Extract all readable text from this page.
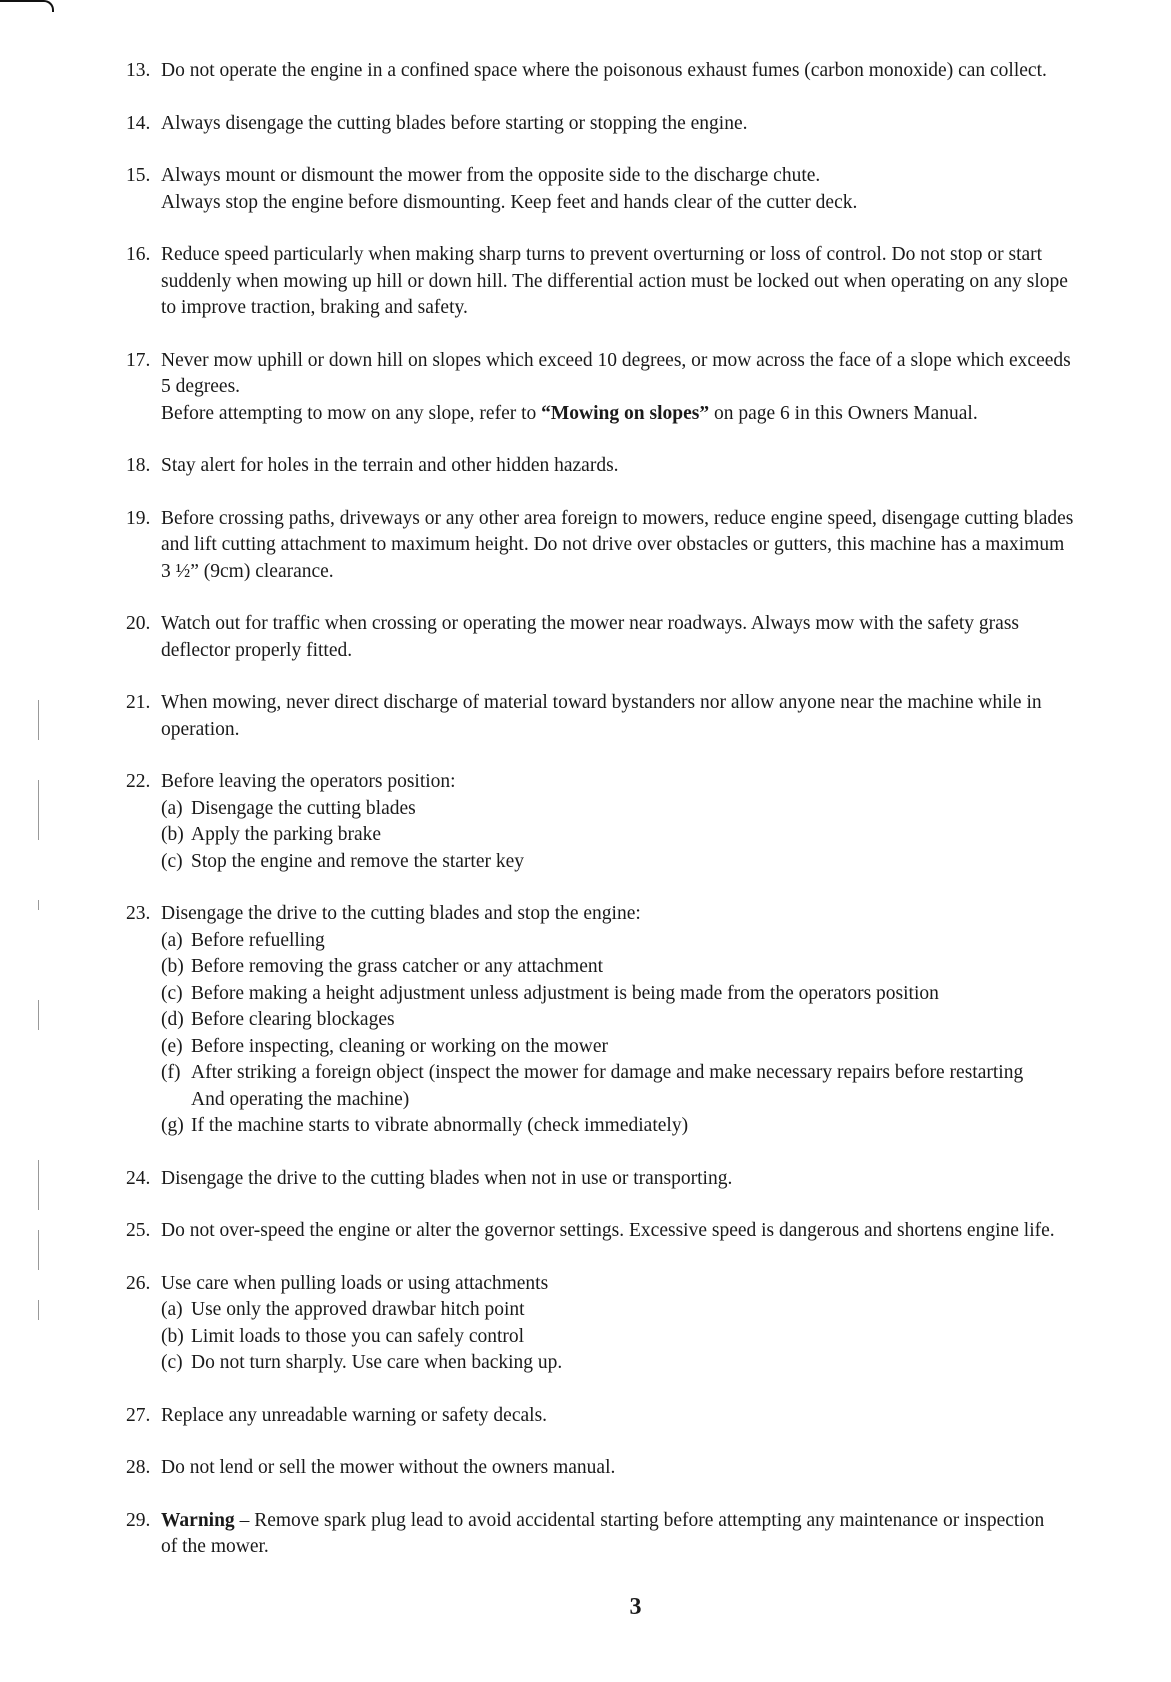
13. Do not operate the engine in a confined space where the poisonous exhaust fumes (carbon monoxide) can collect.
14. Always disengage the cutting blades before starting or stopping the engine.
15. Always mount or dismount the mower from the opposite side to the discharge chute.
Always stop the engine before dismounting. Keep feet and hands clear of the cutter deck.
16. Reduce speed particularly when making sharp turns to prevent overturning or loss of control. Do not stop or start
suddenly when mowing up hill or down hill. The differential action must be locked out when operating on any slope
to improve traction, braking and safety.
17. Never mow uphill or down hill on slopes which exceed 10 degrees, or mow across the face of a slope which exceeds
5 degrees.
Before attempting to mow on any slope, refer to “Mowing on slopes” on page 6 in this Owners Manual.
18. Stay alert for holes in the terrain and other hidden hazards.
19. Before crossing paths, driveways or any other area foreign to mowers, reduce engine speed, disengage cutting blades
and lift cutting attachment to maximum height. Do not drive over obstacles or gutters, this machine has a maximum
3 ½” (9cm) clearance.
20. Watch out for traffic when crossing or operating the mower near roadways. Always mow with the safety grass
deflector properly fitted.
21. When mowing, never direct discharge of material toward bystanders nor allow anyone near the machine while in
operation.
22. Before leaving the operators position:
(a) Disengage the cutting blades
(b) Apply the parking brake
(c) Stop the engine and remove the starter key
23. Disengage the drive to the cutting blades and stop the engine:
(a) Before refuelling
(b) Before removing the grass catcher or any attachment
(c) Before making a height adjustment unless adjustment is being made from the operators position
(d) Before clearing blockages
(e) Before inspecting, cleaning or working on the mower
(f) After striking a foreign object (inspect the mower for damage and make necessary repairs before restarting
And operating the machine)
(g) If the machine starts to vibrate abnormally (check immediately)
24. Disengage the drive to the cutting blades when not in use or transporting.
25. Do not over-speed the engine or alter the governor settings. Excessive speed is dangerous and shortens engine life.
26. Use care when pulling loads or using attachments
(a) Use only the approved drawbar hitch point
(b) Limit loads to those you can safely control
(c) Do not turn sharply. Use care when backing up.
27. Replace any unreadable warning or safety decals.
28. Do not lend or sell the mower without the owners manual.
29. Warning – Remove spark plug lead to avoid accidental starting before attempting any maintenance or inspection
of the mower.
3
